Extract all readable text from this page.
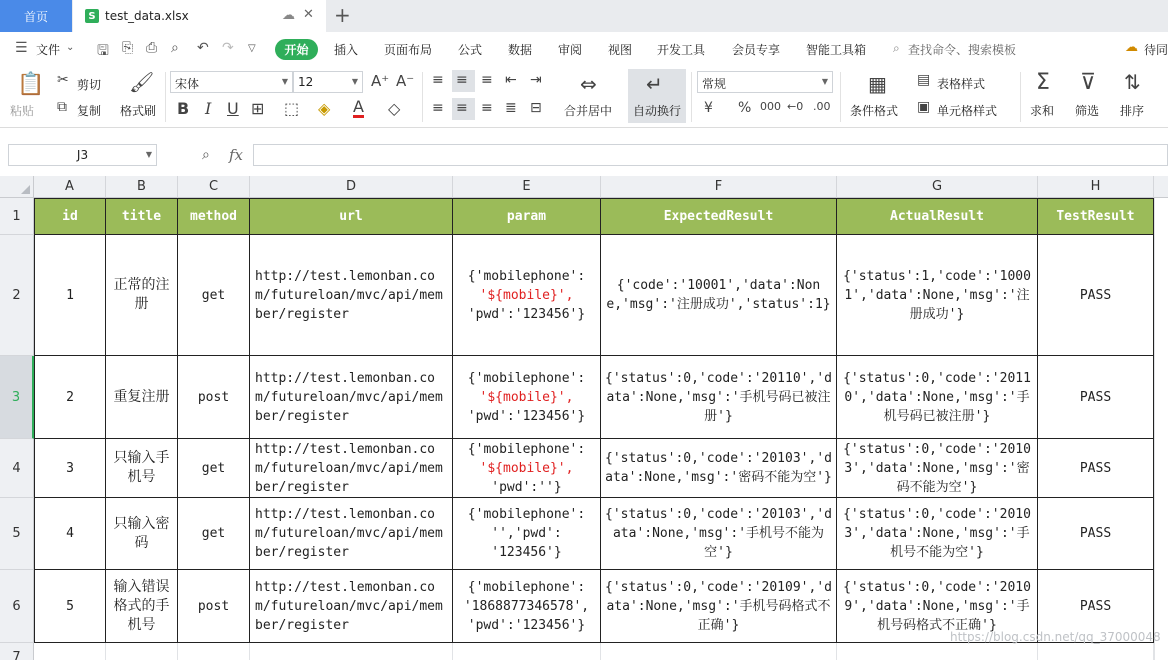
首页	S test_data.xlsx	☁ ✕ +
☰ 文件 ⌄ 🖫 ⎘ ⎙ ⌕ ↶ ↷ ▽	开始	插入 页面布局 公式 数据 审阅 视图 开发工具 会员专享 智能工具箱 ⌕ 查找命令、搜索模板	☁ 待同
📋
粘贴
✂ 剪切
⧉ 复制
🖌
格式刷
宋体	▼ 12	▼ A⁺ A⁻
B I U ⊞ ⬚ ◈ A ◇
≡ ≡ ≡ ⇤ ⇥
≡ ≡ ≡ ≣ ⊟
⇔
合并居中
↵
自动换行
常规	▼
¥ % 000 ←0 .00
▦
条件格式
▤ 表格样式
▣ 单元格样式
Σ
求和
⊽
筛选
⇅
排序
J3	▼	⌕ fx
A	B	C	D	E	F	G	H
1
2
3
4
5
6
7
id	title	method	url	param	ExpectedResult	ActualResult	TestResult
1
正常的注册
get
http://test.lemonban.com/futureloan/mvc/api/member/register
{'mobilephone':
'${mobile}',
'pwd':'123456'}
{'code':'10001','data':None,'msg':'注册成功','status':1}
{'status':1,'code':'10001','data':None,'msg':'注册成功'}
PASS
2	重复注册	post
http://test.lemonban.com/futureloan/mvc/api/member/register
{'mobilephone':
'${mobile}',
'pwd':'123456'}
{'status':0,'code':'20110','data':None,'msg':'手机号码已被注册'}
{'status':0,'code':'20110','data':None,'msg':'手机号码已被注册'}
PASS
3
只输入手机号
get
http://test.lemonban.com/futureloan/mvc/api/member/register
{'mobilephone':
'${mobile}',
'pwd':''}
{'status':0,'code':'20103','data':None,'msg':'密码不能为空'}
{'status':0,'code':'20103','data':None,'msg':'密码不能为空'}
PASS
4
只输入密码
get
http://test.lemonban.com/futureloan/mvc/api/member/register
{'mobilephone':
'','pwd':
'123456'}
{'status':0,'code':'20103','data':None,'msg':'手机号不能为空'}
{'status':0,'code':'20103','data':None,'msg':'手机号不能为空'}
PASS
5
输入错误格式的手机号
post
http://test.lemonban.com/futureloan/mvc/api/member/register
{'mobilephone':
'1868877346578',
'pwd':'123456'}
{'status':0,'code':'20109','data':None,'msg':'手机号码格式不正确'}
{'status':0,'code':'20109','data':None,'msg':'手机号码格式不正确'}
PASS
https://blog.csdn.net/qq_37000048
